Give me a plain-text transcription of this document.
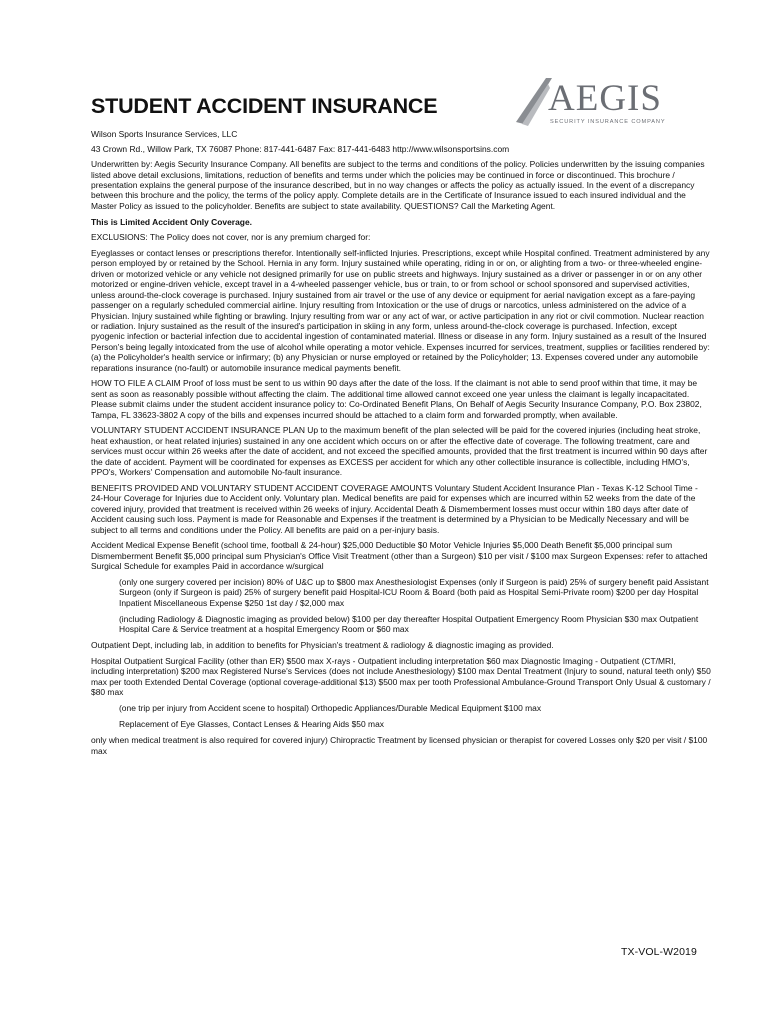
STUDENT ACCIDENT INSURANCE	AEGIS
SECURITY INSURANCE COMPANY

Wilson Sports Insurance Services, LLC

43 Crown Rd., Willow Park, TX 76087 Phone: 817-441-6487 Fax: 817-441-6483 http://www.wilsonsportsins.com

Underwritten by: Aegis Security Insurance Company. All benefits are subject to the terms and conditions of the policy. Policies underwritten by the issuing companies listed above detail exclusions, limitations, reduction of benefits and terms under which the policies may be continued in force or discontinued. This brochure / presentation explains the general purpose of the insurance described, but in no way changes or affects the policy as actually issued. In the event of a discrepancy between this brochure and the policy, the terms of the policy apply. Complete details are in the Certificate of Insurance issued to each insured individual and the Master Policy as issued to the policyholder. Benefits are subject to state availability. QUESTIONS? Call the Marketing Agent.

This is Limited Accident Only Coverage.

EXCLUSIONS: The Policy does not cover, nor is any premium charged for:

Eyeglasses or contact lenses or prescriptions therefor. Intentionally self-inflicted Injuries. Prescriptions, except while Hospital confined. Treatment administered by any person employed by or retained by the School. Hernia in any form. Injury sustained while operating, riding in or on, or alighting from a two- or three-wheeled engine-driven or motorized vehicle or any vehicle not designed primarily for use on public streets and highways. Injury sustained as a driver or passenger in or on any other motorized or engine-driven vehicle, except travel in a 4-wheeled passenger vehicle, bus or train, to or from school or school sponsored and supervised activities, unless around-the-clock coverage is purchased. Injury sustained from air travel or the use of any device or equipment for aerial navigation except as a fare-paying passenger on a regularly scheduled commercial airline. Injury resulting from Intoxication or the use of drugs or narcotics, unless administered on the advice of a Physician. Injury sustained while fighting or brawling. Injury resulting from war or any act of war, or active participation in any riot or civil commotion. Nuclear reaction or radiation. Injury sustained as the result of the insured's participation in skiing in any form, unless around-the-clock coverage is purchased. Infection, except pyogenic infection or bacterial infection due to accidental ingestion of contaminated material. Illness or disease in any form. Injury sustained as a result of the Insured Person's being legally intoxicated from the use of alcohol while operating a motor vehicle. Expenses incurred for services, treatment, supplies or facilities rendered by: (a) the Policyholder's health service or infirmary; (b) any Physician or nurse employed or retained by the Policyholder; 13. Expenses covered under any automobile reparations insurance (no-fault) or automobile insurance medical payments benefit.

HOW TO FILE A CLAIM Proof of loss must be sent to us within 90 days after the date of the loss. If the claimant is not able to send proof within that time, it may be sent as soon as reasonably possible without affecting the claim. The additional time allowed cannot exceed one year unless the claimant is legally incapacitated. Please submit claims under the student accident insurance policy to: Co-Ordinated Benefit Plans, On Behalf of Aegis Security Insurance Company, P.O. Box 23802, Tampa, FL 33623-3802 A copy of the bills and expenses incurred should be attached to a claim form and forwarded promptly, when available.

VOLUNTARY STUDENT ACCIDENT INSURANCE PLAN Up to the maximum benefit of the plan selected will be paid for the covered injuries (including heat stroke, heat exhaustion, or heat related injuries) sustained in any one accident which occurs on or after the effective date of coverage. The following treatment, care and services must occur within 26 weeks after the date of accident, and not exceed the specified amounts, provided that the first treatment is incurred within 90 days after the date of accident. Payment will be coordinated for expenses as EXCESS per accident for which any other collectible insurance is collectible, including HMO's, PPO's, Workers' Compensation and automobile No-fault insurance.

BENEFITS PROVIDED AND VOLUNTARY STUDENT ACCIDENT COVERAGE AMOUNTS Voluntary Student Accident Insurance Plan - Texas K-12 School Time - 24-Hour Coverage for Injuries due to Accident only. Voluntary plan. Medical benefits are paid for expenses which are incurred within 52 weeks from the date of the covered injury, provided that treatment is received within 26 weeks of injury. Accidental Death & Dismemberment losses must occur within 180 days after date of Accident causing such loss. Payment is made for Reasonable and Expenses if the treatment is determined by a Physician to be Medically Necessary and will be subject to all terms and conditions under the Policy. All benefits are paid on a per-injury basis.

Accident Medical Expense Benefit (school time, football & 24-hour) $25,000 Deductible $0 Motor Vehicle Injuries $5,000 Death Benefit $5,000 principal sum Dismemberment Benefit $5,000 principal sum Physician's Office Visit Treatment (other than a Surgeon) $10 per visit / $100 max Surgeon Expenses: refer to attached Surgical Schedule for examples Paid in accordance w/surgical

(only one surgery covered per incision) 80% of U&C up to $800 max Anesthesiologist Expenses (only if Surgeon is paid) 25% of surgery benefit paid Assistant Surgeon (only if Surgeon is paid) 25% of surgery benefit paid Hospital-ICU Room & Board (both paid as Hospital Semi-Private room) $200 per day Hospital Inpatient Miscellaneous Expense $250 1st day / $2,000 max

(including Radiology & Diagnostic imaging as provided below) $100 per day thereafter Hospital Outpatient Emergency Room Physician $30 max Outpatient Hospital Care & Service treatment at a hospital Emergency Room or $60 max

Outpatient Dept, including lab, in addition to benefits for Physician's treatment & radiology & diagnostic imaging as provided.

Hospital Outpatient Surgical Facility (other than ER) $500 max X-rays - Outpatient including interpretation $60 max Diagnostic Imaging - Outpatient (CT/MRI, including interpretation) $200 max Registered Nurse's Services (does not include Anesthesiology) $100 max Dental Treatment (Injury to sound, natural teeth only) $50 max per tooth Extended Dental Coverage (optional coverage-additional $13) $500 max per tooth Professional Ambulance-Ground Transport Only Usual & customary / $80 max

(one trip per injury from Accident scene to hospital) Orthopedic Appliances/Durable Medical Equipment $100 max

Replacement of Eye Glasses, Contact Lenses & Hearing Aids $50 max

only when medical treatment is also required for covered injury) Chiropractic Treatment by licensed physician or therapist for covered Losses only $20 per visit / $100 max

TX-VOL-W2019
